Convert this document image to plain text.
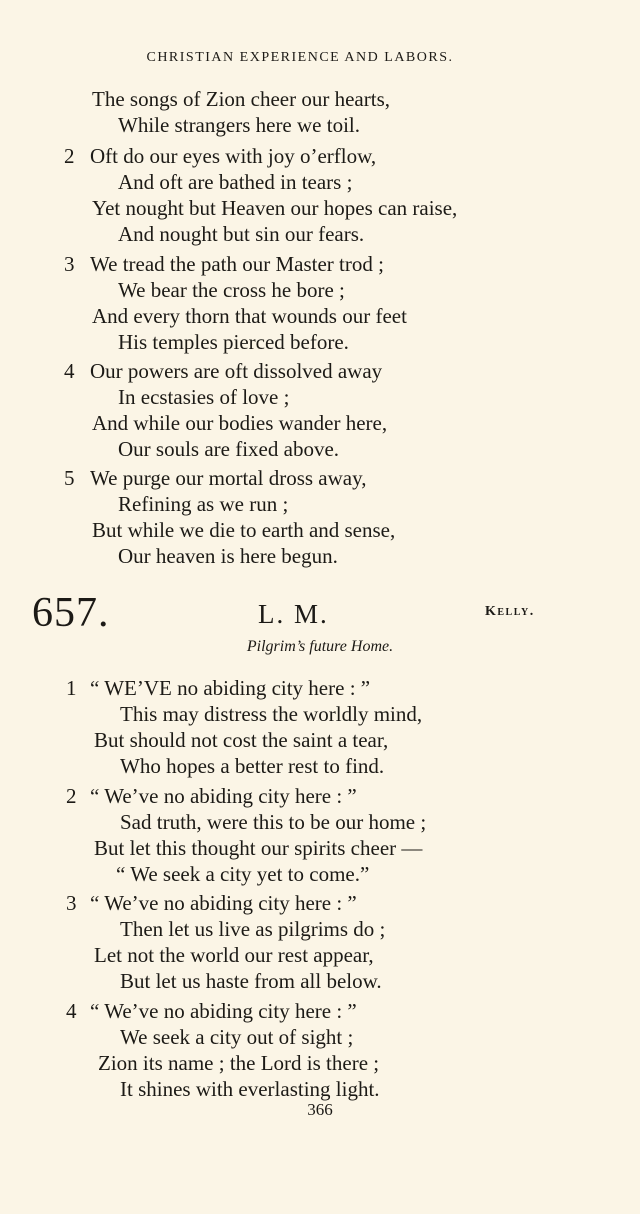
CHRISTIAN EXPERIENCE AND LABORS.
The songs of Zion cheer our hearts,
While strangers here we toil.
2 Oft do our eyes with joy o’erflow,
And oft are bathed in tears ;
Yet nought but Heaven our hopes can raise,
And nought but sin our fears.
3 We tread the path our Master trod ;
We bear the cross he bore ;
And every thorn that wounds our feet
His temples pierced before.
4 Our powers are oft dissolved away
In ecstasies of love ;
And while our bodies wander here,
Our souls are fixed above.
5 We purge our mortal dross away,
Refining as we run ;
But while we die to earth and sense,
Our heaven is here begun.
657.	L. M.	Kelly.
Pilgrim’s future Home.
1 “ WE’VE no abiding city here : ”
This may distress the worldly mind,
But should not cost the saint a tear,
Who hopes a better rest to find.
2 “ We’ve no abiding city here : ”
Sad truth, were this to be our home ;
But let this thought our spirits cheer —
“ We seek a city yet to come.”
3 “ We’ve no abiding city here : ”
Then let us live as pilgrims do ;
Let not the world our rest appear,
But let us haste from all below.
4 “ We’ve no abiding city here : ”
We seek a city out of sight ;
Zion its name ; the Lord is there ;
It shines with everlasting light.
366
